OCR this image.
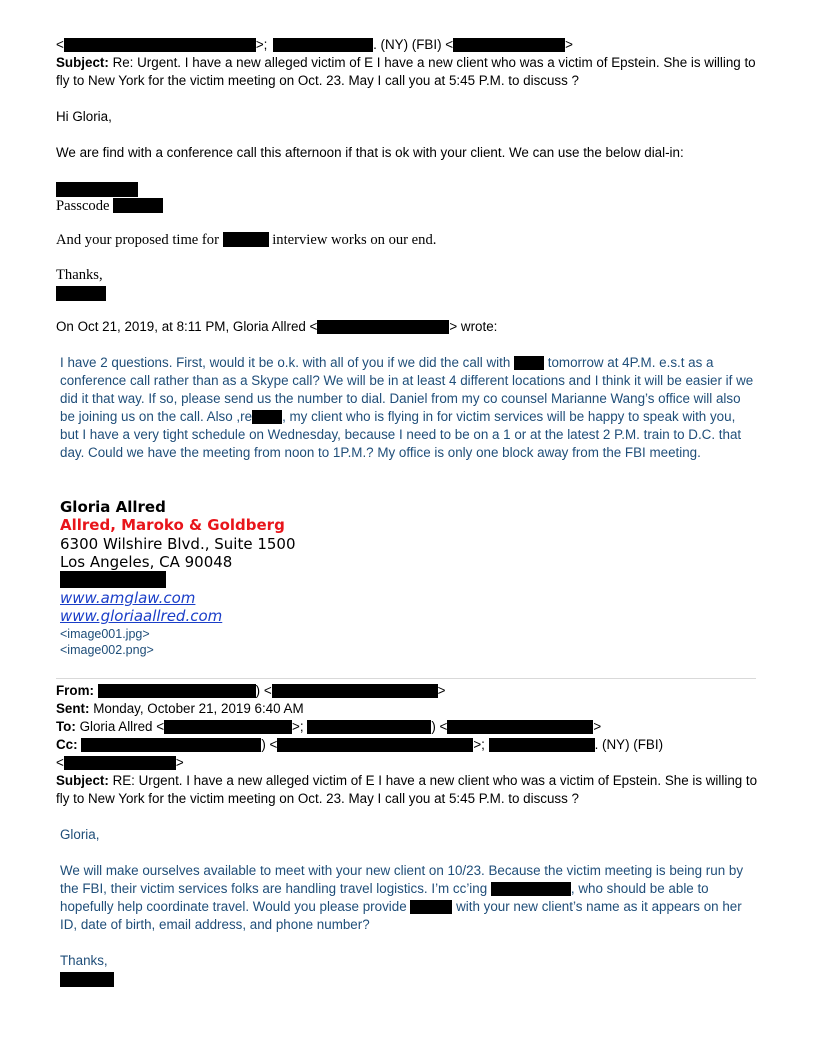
<	>;	. (NY) (FBI) <	>
Subject: Re: Urgent. I have a new alleged victim of E I have a new client who was a victim of Epstein. She is willing to
fly to New York for the victim meeting on Oct. 23. May I call you at 5:45 P.M. to discuss ?
Hi Gloria,
We are find with a conference call this afternoon if that is ok with your client. We can use the below dial-in:
Passcode
And your proposed time for	interview works on our end.
Thanks,
On Oct 21, 2019, at 8:11 PM, Gloria Allred <	> wrote:
I have 2 questions. First, would it be o.k. with all of you if we did the call with	tomorrow at 4P.M. e.s.t as a
conference call rather than as a Skype call? We will be in at least 4 different locations and I think it will be easier if we
did it that way. If so, please send us the number to dial. Daniel from my co counsel Marianne Wang’s office will also
be joining us on the call. Also ,re , my client who is flying in for victim services will be happy to speak with you,
but I have a very tight schedule on Wednesday, because I need to be on a 1 or at the latest 2 P.M. train to D.C. that
day. Could we have the meeting from noon to 1P.M.? My office is only one block away from the FBI meeting.
Gloria Allred
Allred, Maroko & Goldberg
6300 Wilshire Blvd., Suite 1500
Los Angeles, CA 90048
www.amglaw.com
www.gloriaallred.com
<image001.jpg>
<image002.png>
From:	) <	>
Sent: Monday, October 21, 2019 6:40 AM
To: Gloria Allred <	>;	) <	>
Cc:	) <	>;	. (NY) (FBI)
<	>
Subject: RE: Urgent. I have a new alleged victim of E I have a new client who was a victim of Epstein. She is willing to
fly to New York for the victim meeting on Oct. 23. May I call you at 5:45 P.M. to discuss ?
Gloria,
We will make ourselves available to meet with your new client on 10/23. Because the victim meeting is being run by
the FBI, their victim services folks are handling travel logistics. I’m cc’ing	, who should be able to
hopefully help coordinate travel. Would you please provide	with your new client’s name as it appears on her
ID, date of birth, email address, and phone number?
Thanks,
